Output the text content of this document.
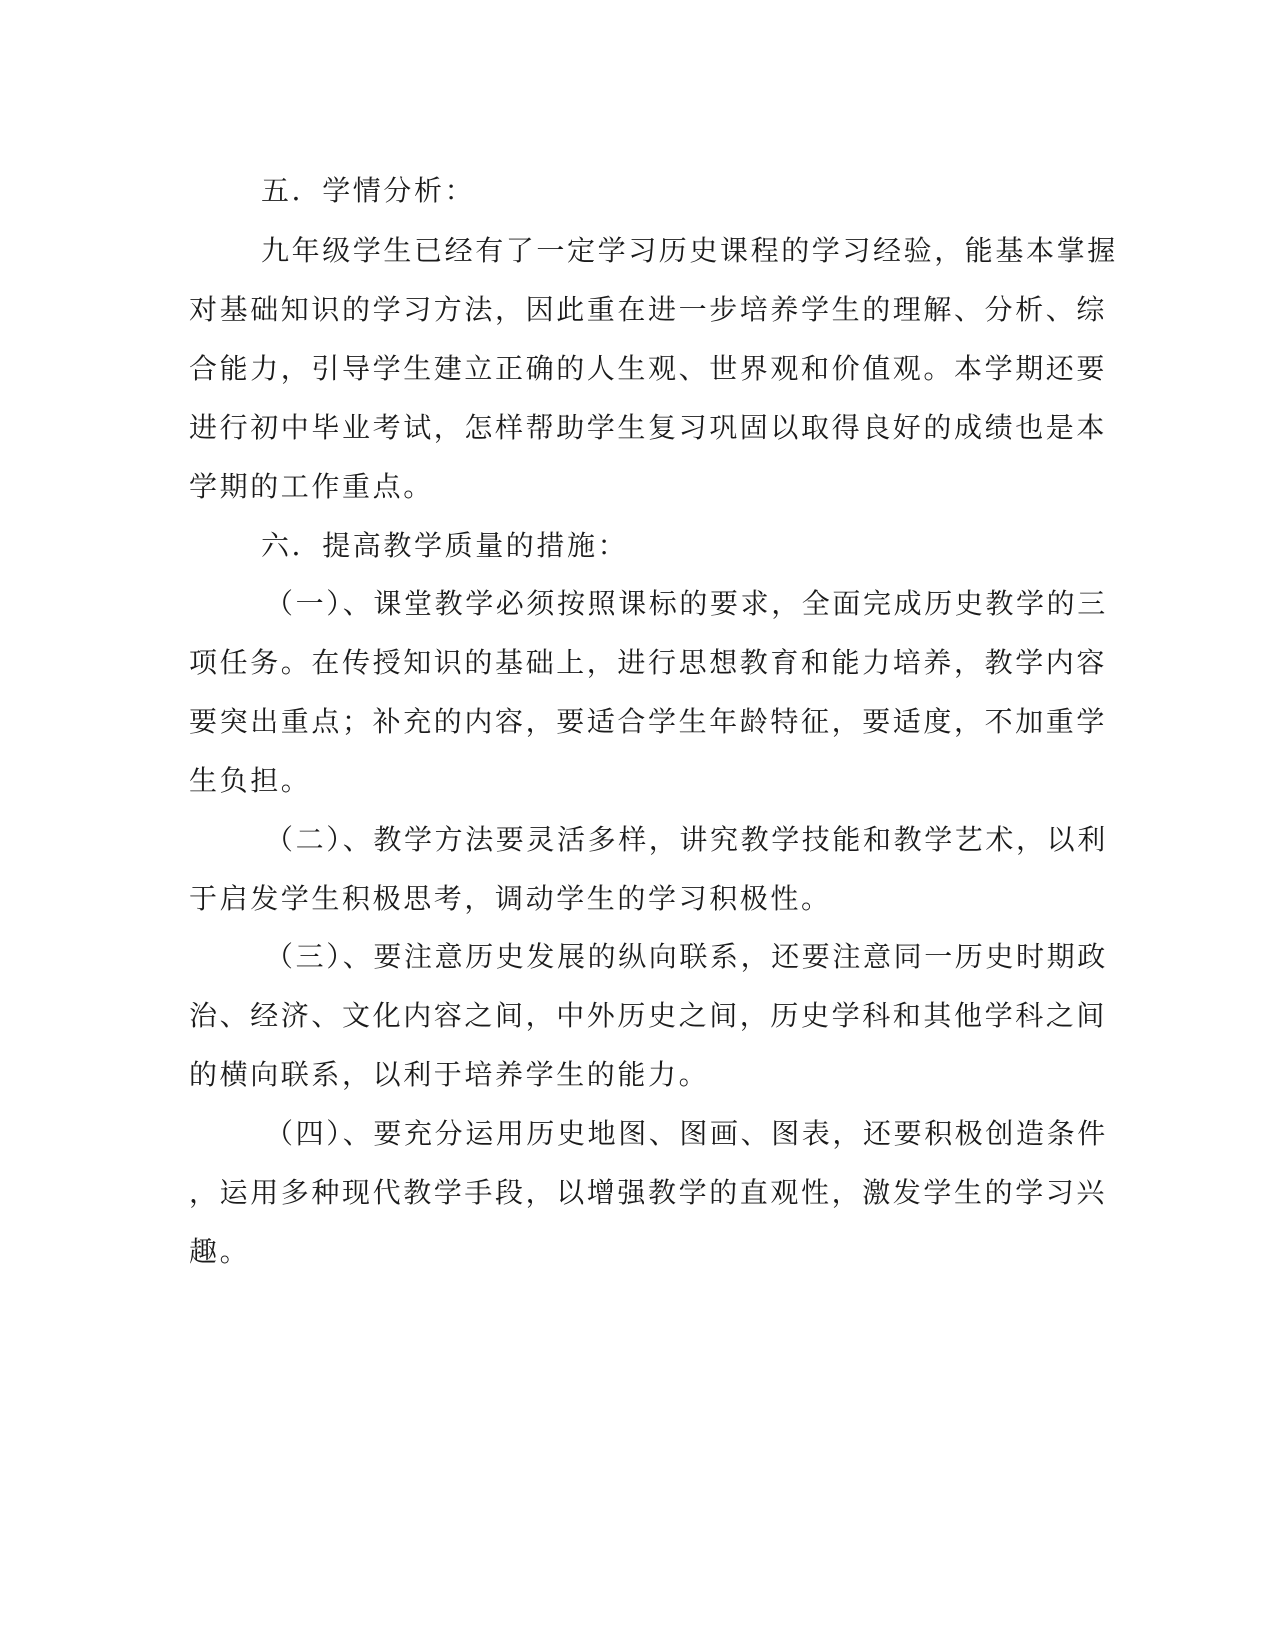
五．学情分析：
九年级学生已经有了一定学习历史课程的学习经验，能基本掌握
对基础知识的学习方法，因此重在进一步培养学生的理解、分析、综
合能力，引导学生建立正确的人生观、世界观和价值观。本学期还要
进行初中毕业考试，怎样帮助学生复习巩固以取得良好的成绩也是本
学期的工作重点。
六．提高教学质量的措施：
（一）、课堂教学必须按照课标的要求，全面完成历史教学的三
项任务。在传授知识的基础上，进行思想教育和能力培养，教学内容
要突出重点；补充的内容，要适合学生年龄特征，要适度，不加重学
生负担。
（二）、教学方法要灵活多样，讲究教学技能和教学艺术，以利
于启发学生积极思考，调动学生的学习积极性。
（三）、要注意历史发展的纵向联系，还要注意同一历史时期政
治、经济、文化内容之间，中外历史之间，历史学科和其他学科之间
的横向联系，以利于培养学生的能力。
（四）、要充分运用历史地图、图画、图表，还要积极创造条件
，运用多种现代教学手段，以增强教学的直观性，激发学生的学习兴
趣。
